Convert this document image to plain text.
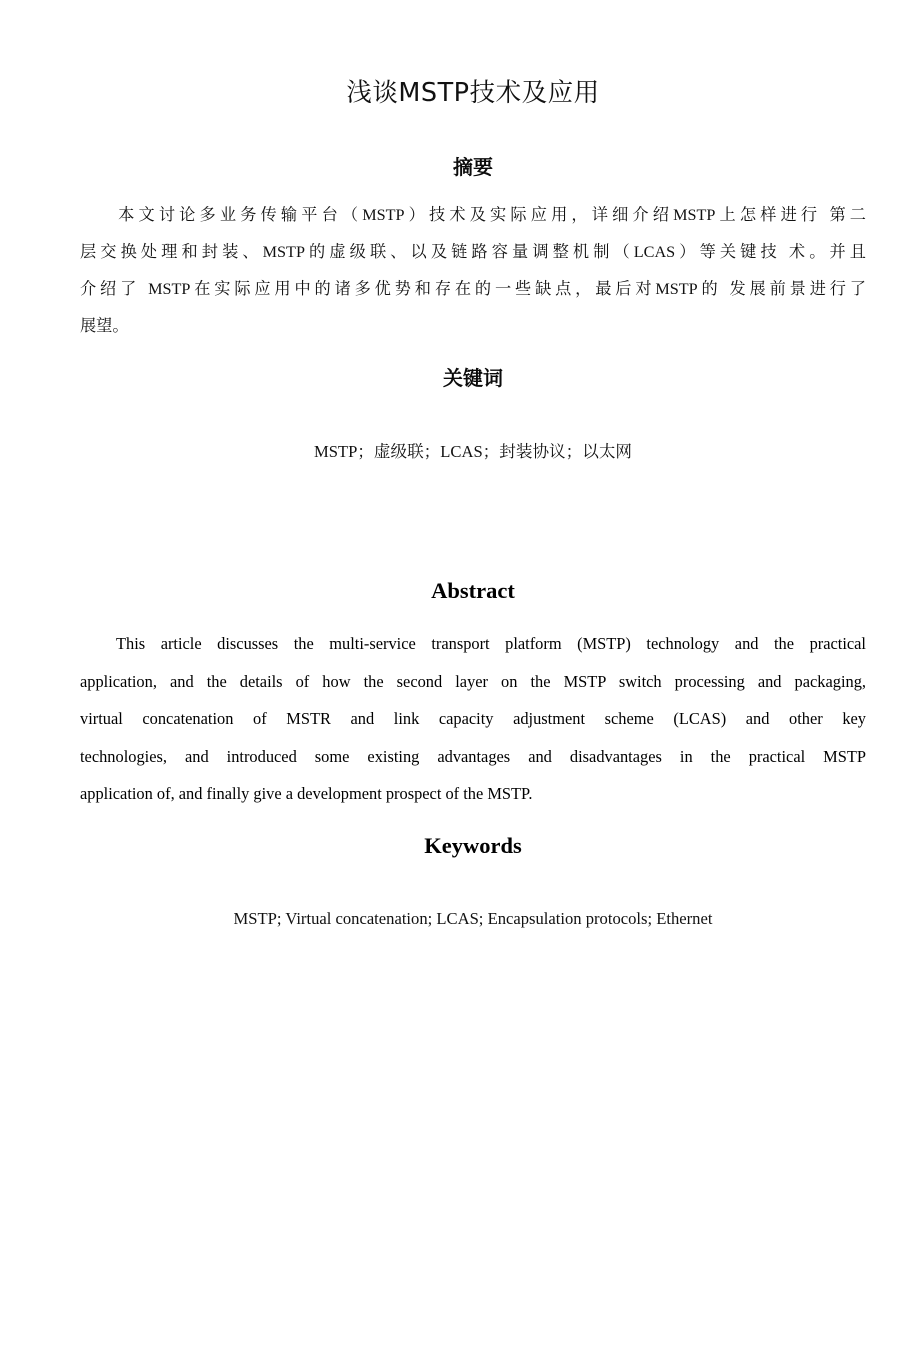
浅谈MSTP技术及应用
摘要
本文讨论多业务传输平台（MSTP）技术及实际应用，详细介绍MSTP上怎样进行 第二
层交换处理和封装、MSTP的虚级联、以及链路容量调整机制（LCAS）等关键技 术。并且
介绍了 MSTP在实际应用中的诸多优势和存在的一些缺点，最后对MSTP的 发展前景进行了
展望。
关键词

MSTP；虚级联；LCAS；封装协议；以太网

Abstract
This article discusses the multi-service transport platform (MSTP) technology and the practical
application, and the details of how the second layer on the MSTP switch processing and packaging,
virtual concatenation of MSTR and link capacity adjustment scheme (LCAS) and other key
technologies, and introduced some existing advantages and disadvantages in the practical MSTP
application of, and finally give a development prospect of the MSTP.
Keywords

MSTP; Virtual concatenation; LCAS; Encapsulation protocols; Ethernet
